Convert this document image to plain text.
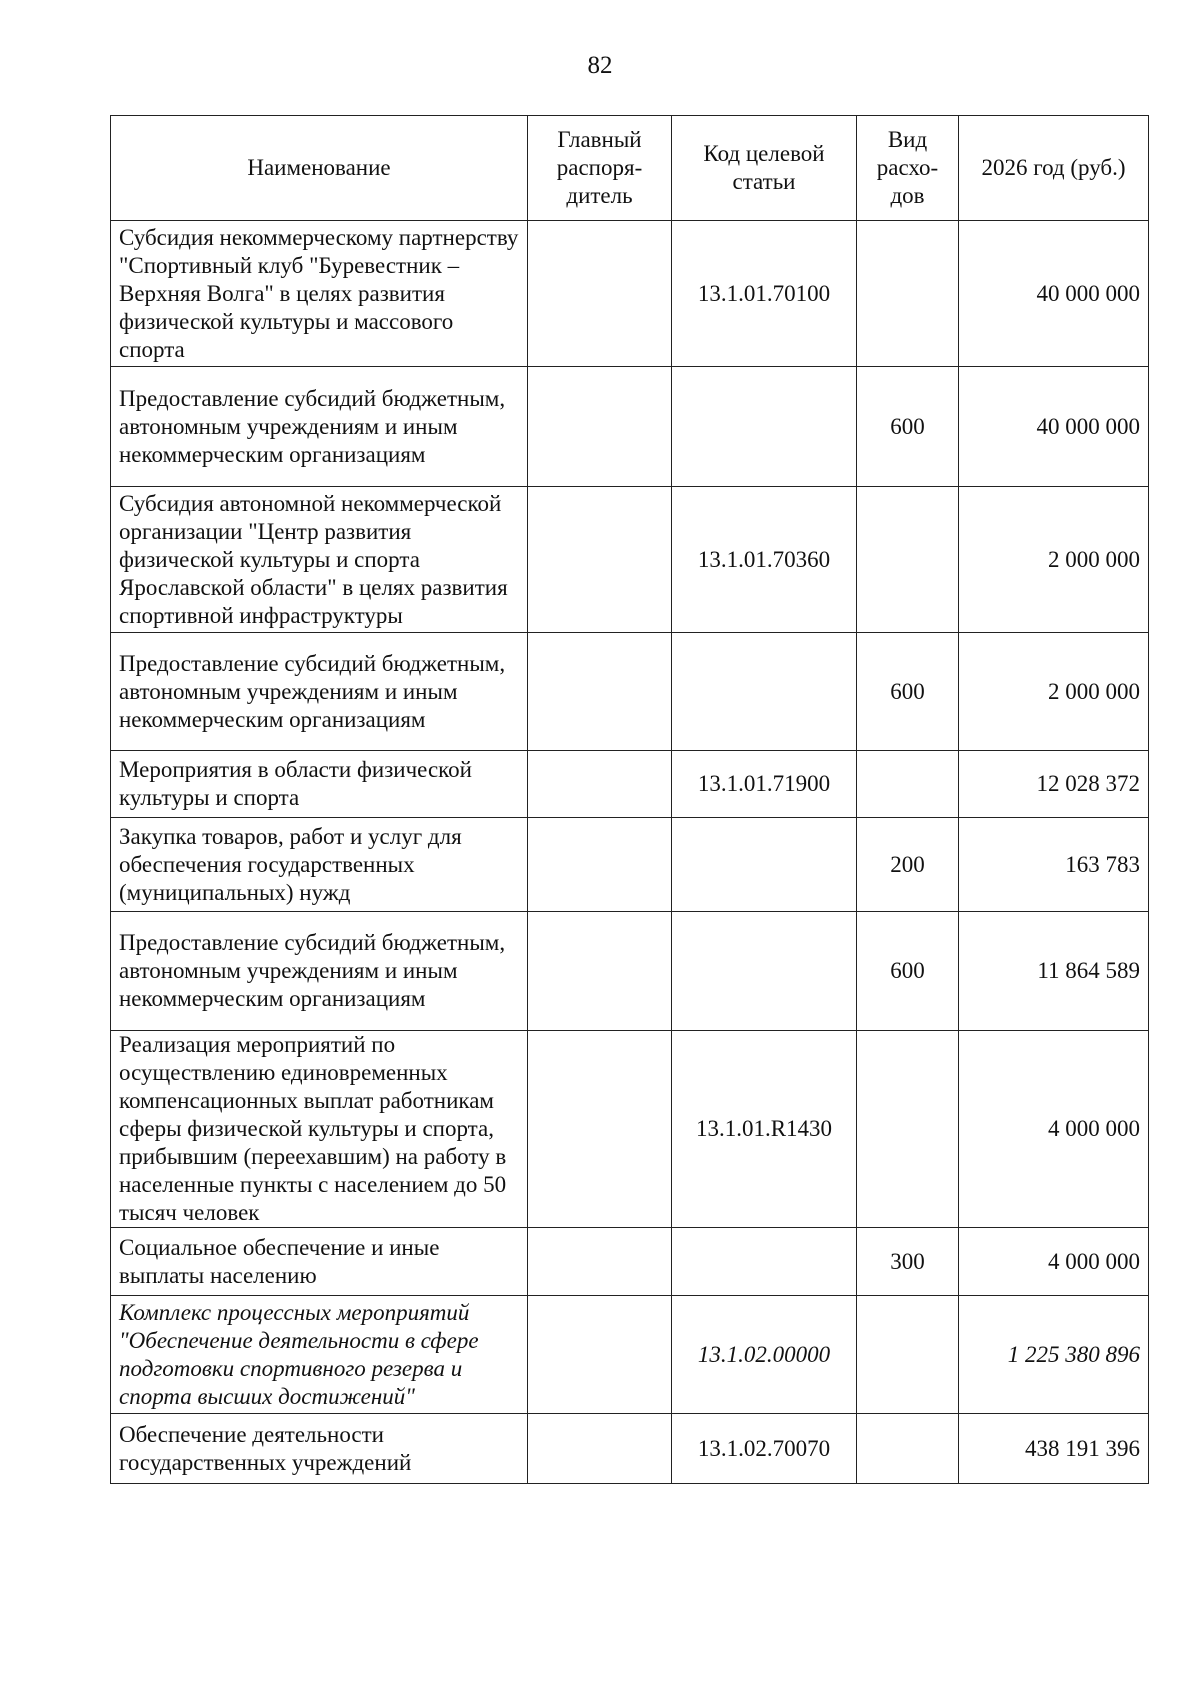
82
Наименование	Главный распоря- дитель	Код целевой статьи	Вид расхо- дов	2026 год (руб.)
Субсидия некоммерческому партнерству "Спортивный клуб "Буревестник – Верхняя Волга" в целях развития физической культуры и массового спорта		13.1.01.70100		40 000 000
Предоставление субсидий бюджетным, автономным учреждениям и иным некоммерческим организациям			600	40 000 000
Субсидия автономной некоммерческой организации "Центр развития физической культуры и спорта Ярославской области" в целях развития спортивной инфраструктуры		13.1.01.70360		2 000 000
Предоставление субсидий бюджетным, автономным учреждениям и иным некоммерческим организациям			600	2 000 000
Мероприятия в области физической культуры и спорта		13.1.01.71900		12 028 372
Закупка товаров, работ и услуг для обеспечения государственных (муниципальных) нужд			200	163 783
Предоставление субсидий бюджетным, автономным учреждениям и иным некоммерческим организациям			600	11 864 589
Реализация мероприятий по осуществлению единовременных компенсационных выплат работникам сферы физической культуры и спорта, прибывшим (переехавшим) на работу в населенные пункты с населением до 50 тысяч человек		13.1.01.R1430		4 000 000
Социальное обеспечение и иные выплаты населению			300	4 000 000
Комплекс процессных мероприятий "Обеспечение деятельности в сфере подготовки спортивного резерва и спорта высших достижений"		13.1.02.00000		1 225 380 896
Обеспечение деятельности государственных учреждений		13.1.02.70070		438 191 396
